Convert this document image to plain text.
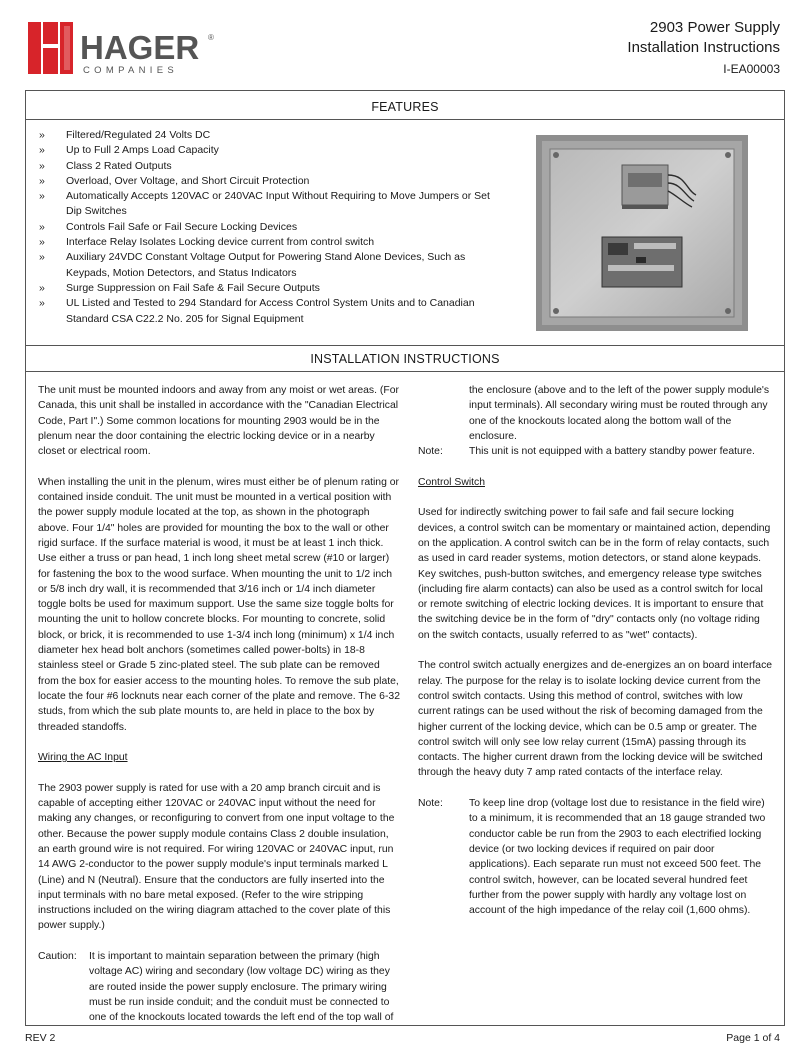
HAGER ®
COMPANIES
2903 Power Supply
Installation Instructions
I-EA00003
FEATURES
» Filtered/Regulated 24 Volts DC
» Up to Full 2 Amps Load Capacity
» Class 2 Rated Outputs
» Overload, Over Voltage, and Short Circuit Protection
» Automatically Accepts 120VAC or 240VAC Input Without Requiring to Move Jumpers or Set Dip Switches
» Controls Fail Safe or Fail Secure Locking Devices
» Interface Relay Isolates Locking device current from control switch
» Auxiliary 24VDC Constant Voltage Output for Powering Stand Alone Devices, Such as Keypads, Motion Detectors, and Status Indicators
» Surge Suppression on Fail Safe & Fail Secure Outputs
» UL Listed and Tested to 294 Standard for Access Control System Units and to Canadian Standard CSA C22.2 No. 205 for Signal Equipment
INSTALLATION INSTRUCTIONS

The unit must be mounted indoors and away from any moist or wet areas. (For Canada, this unit shall be installed in accordance with the "Canadian Electrical Code, Part I".) Some common locations for mounting 2903 would be in the plenum near the door containing the electric locking device or in a nearby closet or electrical room.

When installing the unit in the plenum, wires must either be of plenum rating or contained inside conduit. The unit must be mounted in a vertical position with the power supply module located at the top, as shown in the photograph above. Four 1/4" holes are provided for mounting the box to the wall or other rigid surface. If the surface material is wood, it must be at least 1 inch thick. Use either a truss or pan head, 1 inch long sheet metal screw (#10 or larger) for fastening the box to the wood surface. When mounting the unit to 1/2 inch or 5/8 inch dry wall, it is recommended that 3/16 inch or 1/4 inch diameter toggle bolts be used for maximum support. Use the same size toggle bolts for mounting the unit to hollow concrete blocks. For mounting to concrete, solid block, or brick, it is recommended to use 1-3/4 inch long (minimum) x 1/4 inch diameter hex head bolt anchors (sometimes called power-bolts) in 18-8 stainless steel or Grade 5 zinc-plated steel. The sub plate can be removed from the box for easier access to the mounting holes. To remove the sub plate, locate the four #6 locknuts near each corner of the plate and remove. The 6-32 studs, from which the sub plate mounts to, are held in place to the box by threaded standoffs.

Wiring the AC Input

The 2903 power supply is rated for use with a 20 amp branch circuit and is capable of accepting either 120VAC or 240VAC input without the need for making any changes, or reconfiguring to convert from one input voltage to the other. Because the power supply module contains Class 2 double insulation, an earth ground wire is not required. For wiring 120VAC or 240VAC input, run 14 AWG 2-conductor to the power supply module's input terminals marked L (Line) and N (Neutral). Ensure that the conductors are fully inserted into the input terminals with no bare metal exposed. (Refer to the wire stripping instructions included on the wiring diagram attached to the cover plate of this power supply.)

Caution:	It is important to maintain separation between the primary (high voltage AC) wiring and secondary (low voltage DC) wiring as they are routed inside the power supply enclosure. The primary wiring must be run inside conduit; and the conduit must be connected to one of the knockouts located towards the left end of the top wall of
the enclosure (above and to the left of the power supply module's input terminals). All secondary wiring must be routed through any one of the knockouts located along the bottom wall of the enclosure.
Note:	This unit is not equipped with a battery standby power feature.

Control Switch

Used for indirectly switching power to fail safe and fail secure locking devices, a control switch can be momentary or maintained action, depending on the application. A control switch can be in the form of relay contacts, such as used in card reader systems, motion detectors, or stand alone keypads. Key switches, push-button switches, and emergency release type switches (including fire alarm contacts) can also be used as a control switch for local or remote switching of electric locking devices. It is important to ensure that the switching device be in the form of "dry" contacts only (no voltage riding on the switch contacts, usually referred to as "wet" contacts).

The control switch actually energizes and de-energizes an on board interface relay. The purpose for the relay is to isolate locking device current from the control switch contacts. Using this method of control, switches with low current ratings can be used without the risk of becoming damaged from the higher current of the locking device, which can be 0.5 amp or greater. The control switch will only see low relay current (15mA) passing through its contacts. The higher current drawn from the locking device will be switched through the heavy duty 7 amp rated contacts of the interface relay.

Note:	To keep line drop (voltage lost due to resistance in the field wire) to a minimum, it is recommended that an 18 gauge stranded two conductor cable be run from the 2903 to each electrified locking device (or two locking devices if required on pair door applications). Each separate run must not exceed 500 feet. The control switch, however, can be located several hundred feet further from the power supply with hardly any voltage lost on account of the high impedance of the relay coil (1,600 ohms).
REV 2	Page 1 of 4
